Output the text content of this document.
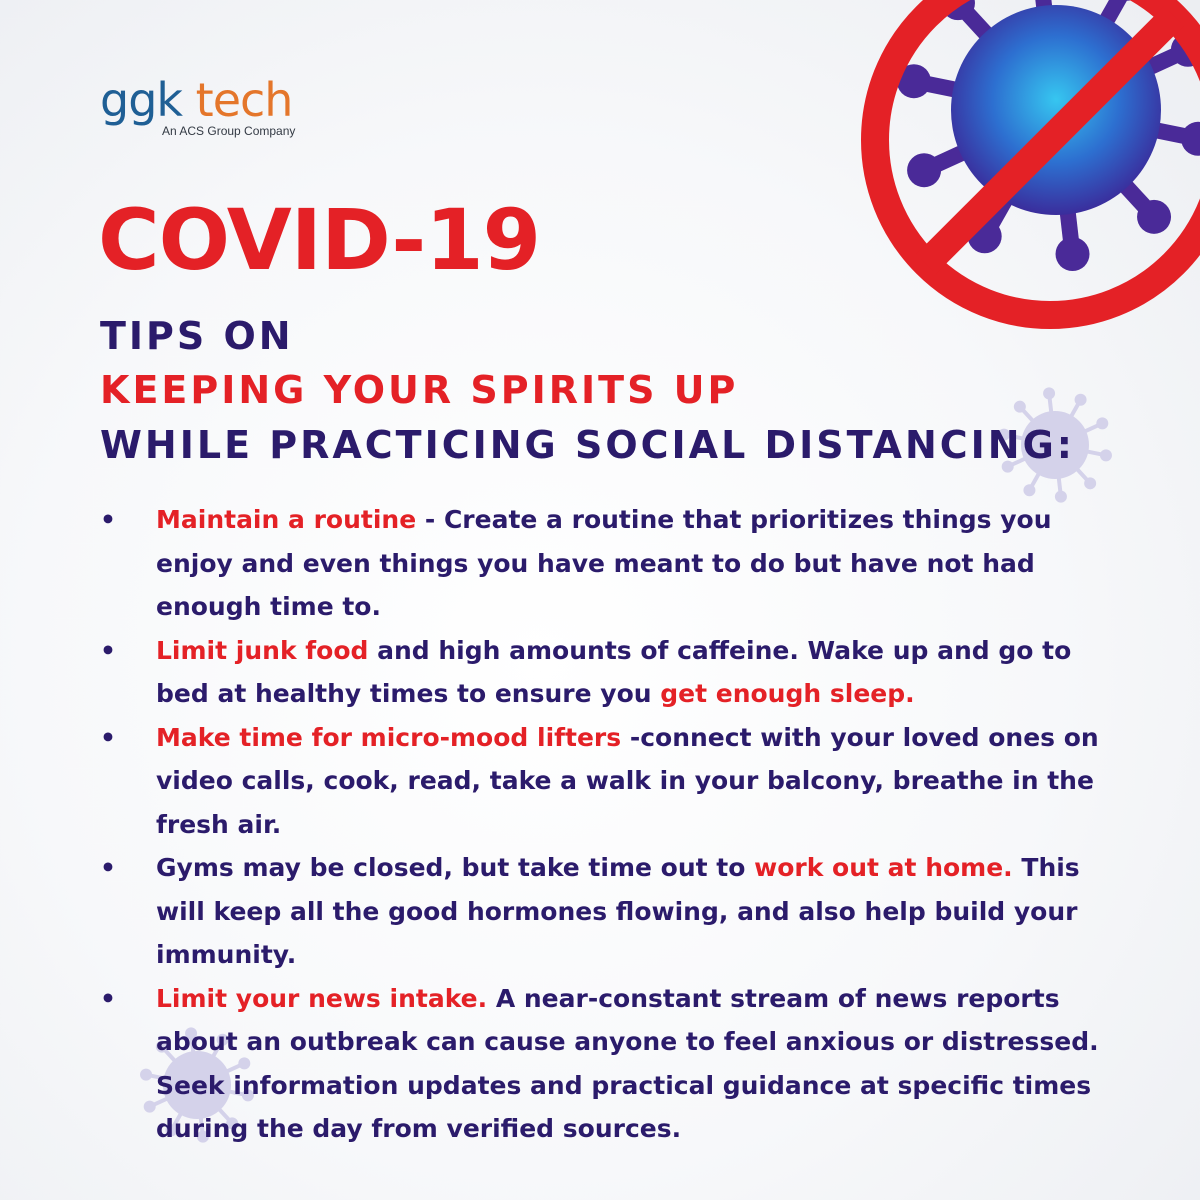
ggk tech
An ACS Group Company
COVID-19
TIPS ON
KEEPING YOUR SPIRITS UP
WHILE PRACTICING SOCIAL DISTANCING:
• Maintain a routine - Create a routine that prioritizes things you enjoy and even things you have meant to do but have not had enough time to.
• Limit junk food and high amounts of caffeine. Wake up and go to bed at healthy times to ensure you get enough sleep.
• Make time for micro-mood lifters -connect with your loved ones on video calls, cook, read, take a walk in your balcony, breathe in the fresh air.
• Gyms may be closed, but take time out to work out at home. This will keep all the good hormones flowing, and also help build your immunity.
• Limit your news intake. A near-constant stream of news reports about an outbreak can cause anyone to feel anxious or distressed. Seek information updates and practical guidance at specific times during the day from verified sources.
